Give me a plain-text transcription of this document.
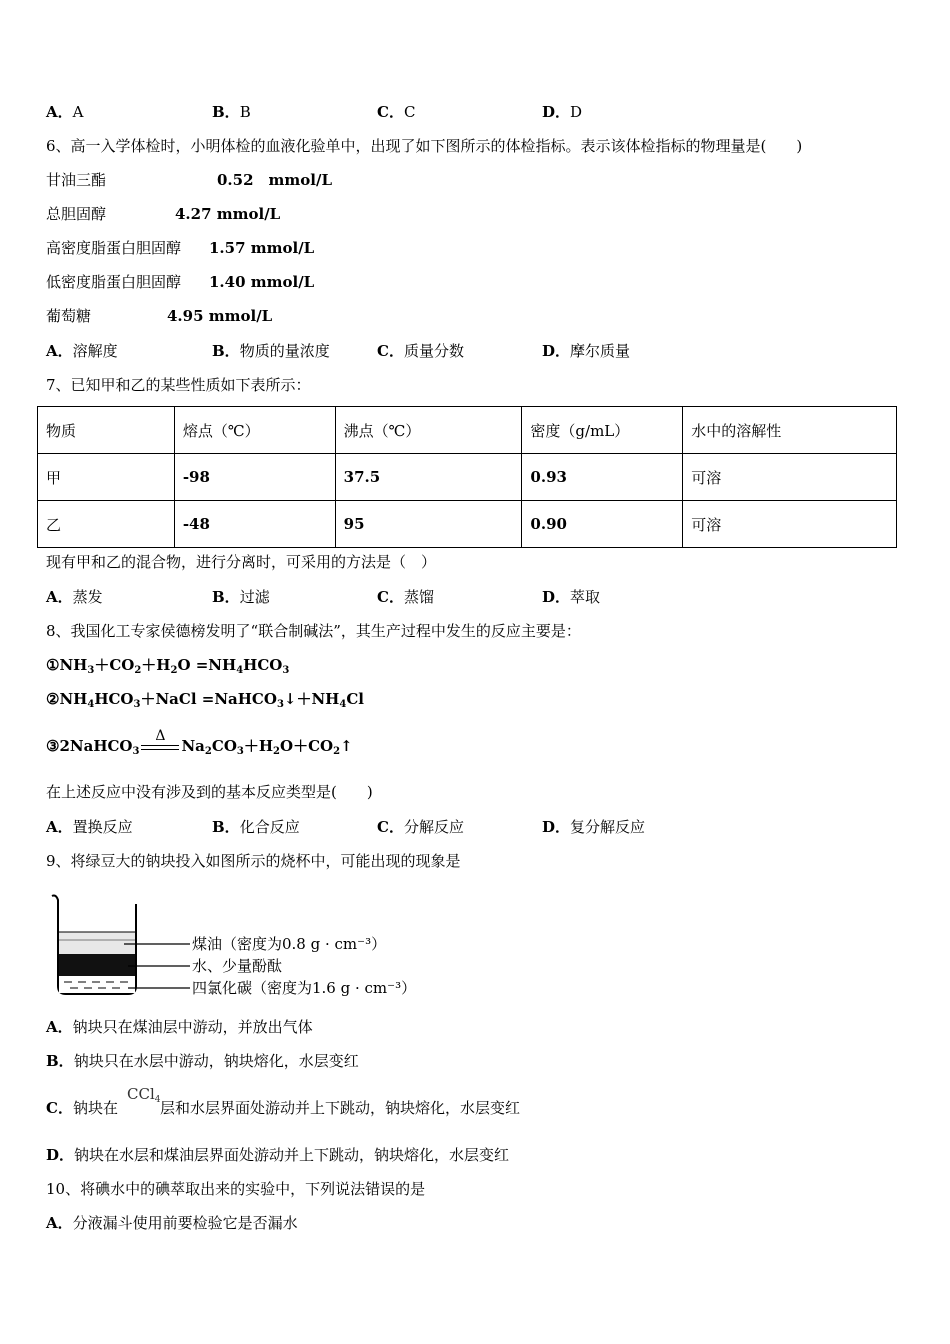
A．A	B．B	C．C	D．D
6、高一入学体检时，小明体检的血液化验单中，出现了如下图所示的体检指标。表示该体检指标的物理量是(　　)
甘油三酯	0.52　mmol/L
总胆固醇	4.27 mmol/L
高密度脂蛋白胆固醇 1.57 mmol/L
低密度脂蛋白胆固醇 1.40 mmol/L
葡萄糖	4.95 mmol/L
A．溶解度	B．物质的量浓度	C．质量分数	D．摩尔质量
7、已知甲和乙的某些性质如下表所示：
物质	熔点（℃）	沸点（℃）	密度（g/mL）	水中的溶解性
甲	-98	37.5	0.93	可溶
乙	-48	95	0.90	可溶
现有甲和乙的混合物，进行分离时，可采用的方法是（　）
A．蒸发	B．过滤	C．蒸馏	D．萃取
8、我国化工专家侯德榜发明了“联合制碱法”，其生产过程中发生的反应主要是：
$①NH_3+CO_2+H_2O =NH_4HCO_3$
$②NH_4HCO_3+NaCl$ $=NaHCO_3↓+NH_4Cl$
③2NaHCO$_3$
Δ
$Na_2CO_3+H_2O+CO_2↑$
在上述反应中没有涉及到的基本反应类型是(　　)
A．置换反应	B．化合反应	C．分解反应	D．复分解反应
9、将绿豆大的钠块投入如图所示的烧杯中，可能出现的现象是
煤油（密度为0.8 g · cm⁻³）
水、少量酚酞
四氯化碳（密度为1.6 g · cm⁻³）
A．钠块只在煤油层中游动，并放出气体
B．钠块只在水层中游动，钠块熔化，水层变红
C．钠块在	层和水层界面处游动并上下跳动，钠块熔化，水层变红
CCl$_4$
D．钠块在水层和煤油层界面处游动并上下跳动，钠块熔化，水层变红
10、将碘水中的碘萃取出来的实验中，下列说法错误的是
A．分液漏斗使用前要检验它是否漏水
